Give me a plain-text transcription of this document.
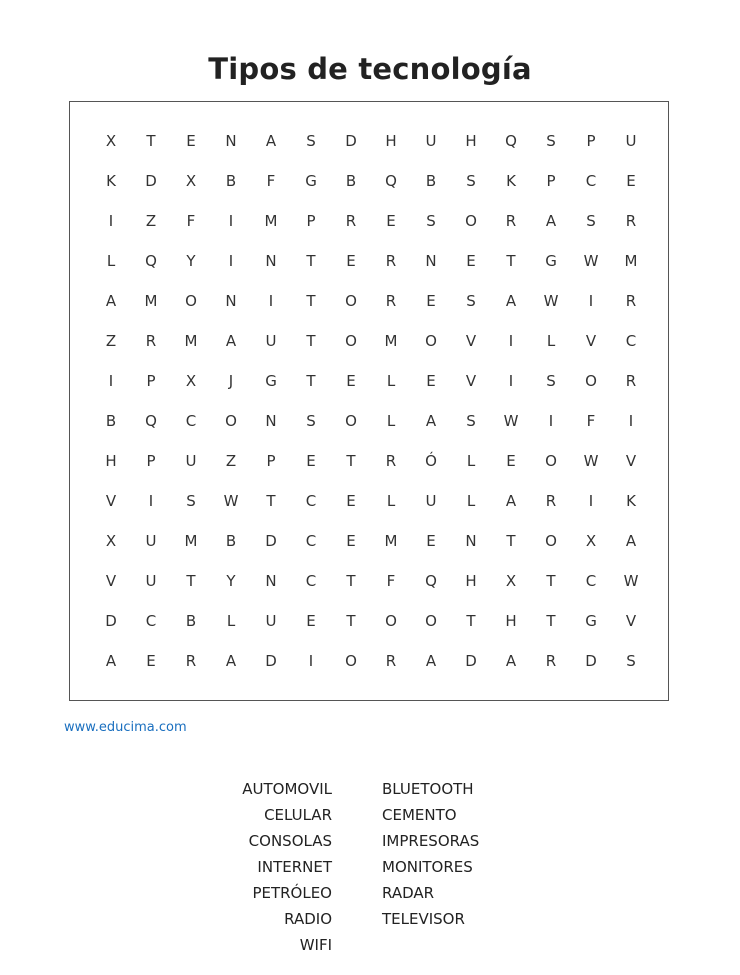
Tipos de tecnología
X	T	E	N	A	S	D	H	U	H	Q	S	P	U
K	D	X	B	F	G	B	Q	B	S	K	P	C	E
I	Z	F	I	M	P	R	E	S	O	R	A	S	R
L	Q	Y	I	N	T	E	R	N	E	T	G	W	M
A	M	O	N	I	T	O	R	E	S	A	W	I	R
Z	R	M	A	U	T	O	M	O	V	I	L	V	C
I	P	X	J	G	T	E	L	E	V	I	S	O	R
B	Q	C	O	N	S	O	L	A	S	W	I	F	I
H	P	U	Z	P	E	T	R	Ó	L	E	O	W	V
V	I	S	W	T	C	E	L	U	L	A	R	I	K
X	U	M	B	D	C	E	M	E	N	T	O	X	A
V	U	T	Y	N	C	T	F	Q	H	X	T	C	W
D	C	B	L	U	E	T	O	O	T	H	T	G	V
A	E	R	A	D	I	O	R	A	D	A	R	D	S
www.educima.com
AUTOMOVIL
CELULAR
CONSOLAS
INTERNET
PETRÓLEO
RADIO
WIFI
BLUETOOTH
CEMENTO
IMPRESORAS
MONITORES
RADAR
TELEVISOR
